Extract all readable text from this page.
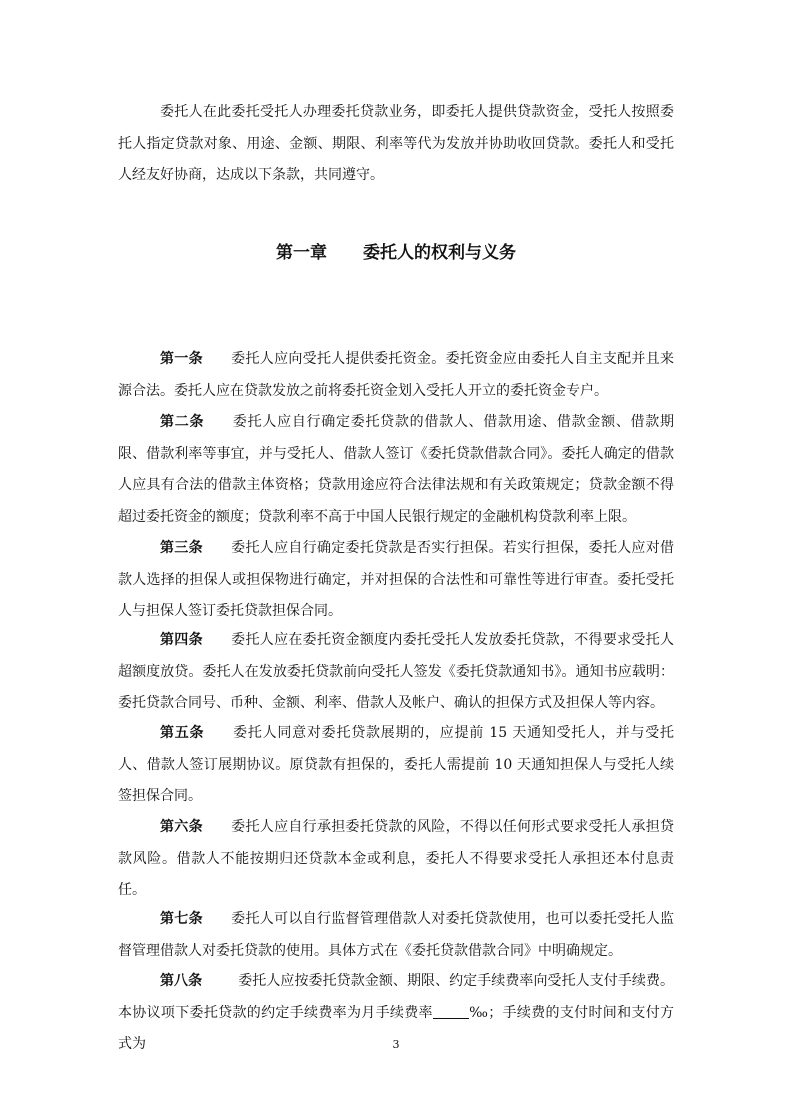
委托人在此委托受托人办理委托贷款业务，即委托人提供贷款资金，受托人按照委托人指定贷款对象、用途、金额、期限、利率等代为发放并协助收回贷款。委托人和受托人经友好协商，达成以下条款，共同遵守。

第一章 委托人的权利与义务

第一条 委托人应向受托人提供委托资金。委托资金应由委托人自主支配并且来源合法。委托人应在贷款发放之前将委托资金划入受托人开立的委托资金专户。

第二条 委托人应自行确定委托贷款的借款人、借款用途、借款金额、借款期限、借款利率等事宜，并与受托人、借款人签订《委托贷款借款合同》。委托人确定的借款人应具有合法的借款主体资格；贷款用途应符合法律法规和有关政策规定；贷款金额不得超过委托资金的额度；贷款利率不高于中国人民银行规定的金融机构贷款利率上限。

第三条 委托人应自行确定委托贷款是否实行担保。若实行担保，委托人应对借款人选择的担保人或担保物进行确定，并对担保的合法性和可靠性等进行审查。委托受托人与担保人签订委托贷款担保合同。

第四条 委托人应在委托资金额度内委托受托人发放委托贷款，不得要求受托人超额度放贷。委托人在发放委托贷款前向受托人签发《委托贷款通知书》。通知书应载明：委托贷款合同号、币种、金额、利率、借款人及帐户、确认的担保方式及担保人等内容。

第五条 委托人同意对委托贷款展期的，应提前 15 天通知受托人，并与受托人、借款人签订展期协议。原贷款有担保的，委托人需提前 10 天通知担保人与受托人续签担保合同。

第六条 委托人应自行承担委托贷款的风险，不得以任何形式要求受托人承担贷款风险。借款人不能按期归还贷款本金或利息，委托人不得要求受托人承担还本付息责任。

第七条 委托人可以自行监督管理借款人对委托贷款使用，也可以委托受托人监督管理借款人对委托贷款的使用。具体方式在《委托贷款借款合同》中明确规定。

第八条	委托人应按委托贷款金额、期限、约定手续费率向受托人支付手续费。本协议项下委托贷款的约定手续费率为月手续费率	‰；手续费的支付时间和支付方式为	3
